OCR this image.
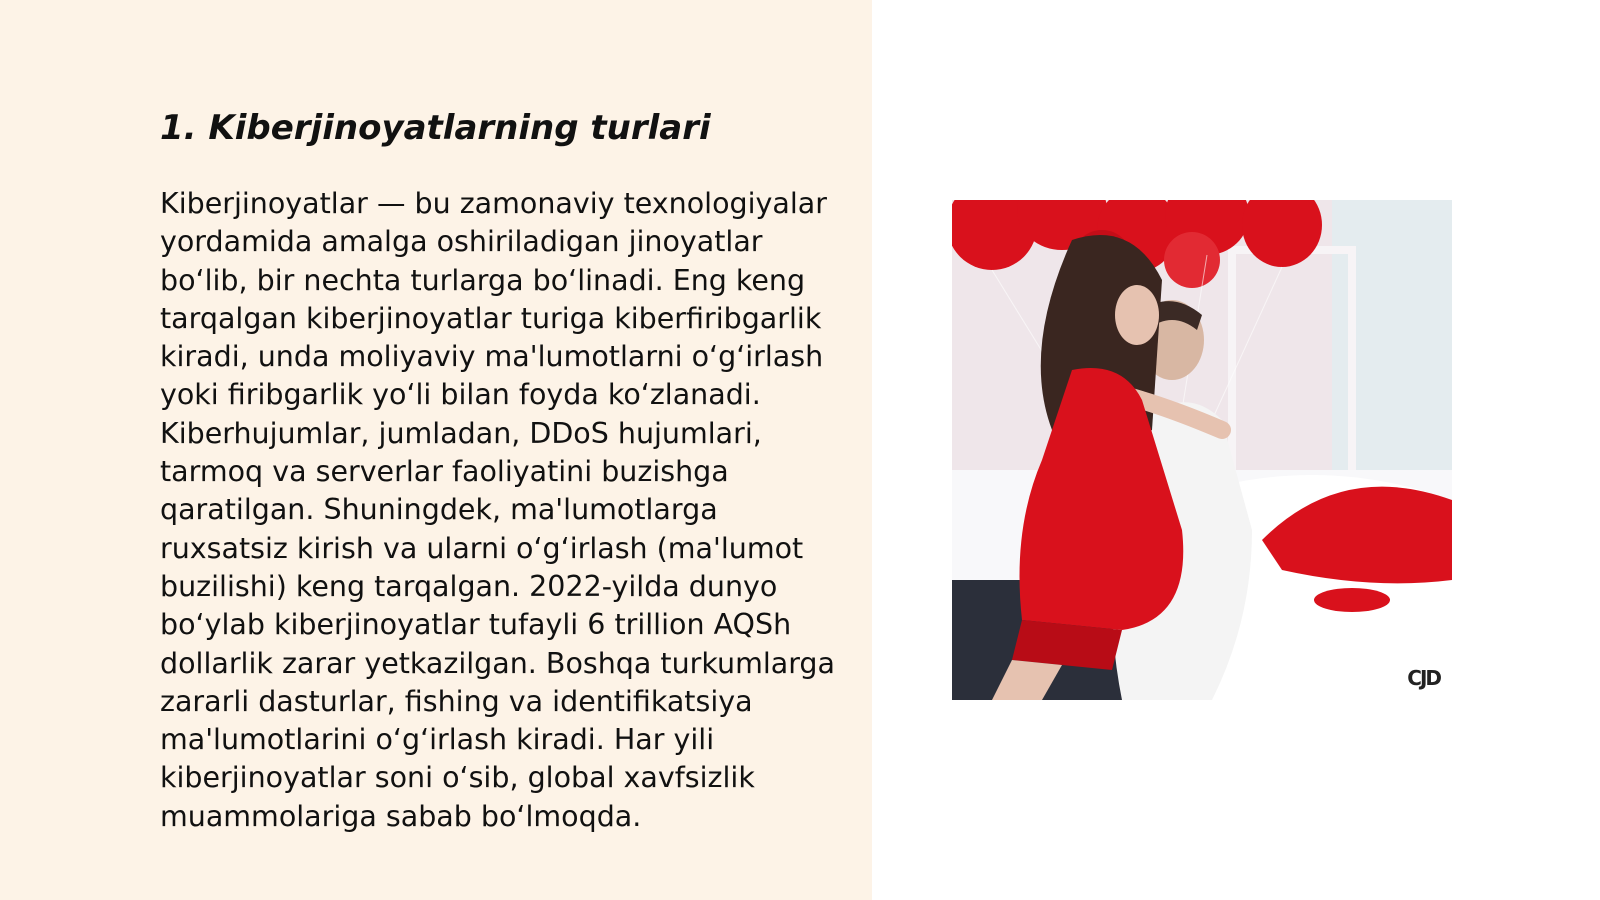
1. Kiberjinoyatlarning turlari

Kiberjinoyatlar — bu zamonaviy texnologiyalar yordamida amalga oshiriladigan jinoyatlar bo‘lib, bir nechta turlarga bo‘linadi. Eng keng tarqalgan kiberjinoyatlar turiga kiberfiribgarlik kiradi, unda moliyaviy ma'lumotlarni o‘g‘irlash yoki firibgarlik yo‘li bilan foyda ko‘zlanadi. Kiberhujumlar, jumladan, DDoS hujumlari, tarmoq va serverlar faoliyatini buzishga qaratilgan. Shuningdek, ma'lumotlarga ruxsatsiz kirish va ularni o‘g‘irlash (ma'lumot buzilishi) keng tarqalgan. 2022-yilda dunyo bo‘ylab kiberjinoyatlar tufayli 6 trillion AQSh dollarlik zarar yetkazilgan. Boshqa turkumlarga zararli dasturlar, fishing va identifikatsiya ma'lumotlarini o‘g‘irlash kiradi. Har yili kiberjinoyatlar soni o‘sib, global xavfsizlik muammolariga sabab bo‘lmoqda.

CJD
